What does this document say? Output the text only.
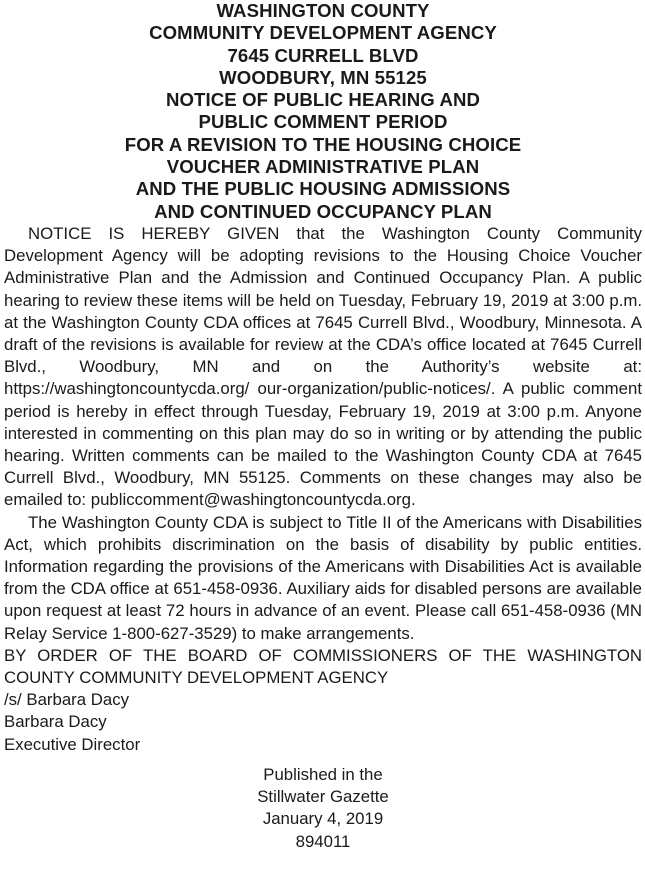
WASHINGTON COUNTY
COMMUNITY DEVELOPMENT AGENCY
7645 CURRELL BLVD
WOODBURY, MN 55125
NOTICE OF PUBLIC HEARING AND
PUBLIC COMMENT PERIOD
FOR A REVISION TO THE HOUSING CHOICE
VOUCHER ADMINISTRATIVE PLAN
AND THE PUBLIC HOUSING ADMISSIONS
AND CONTINUED OCCUPANCY PLAN

NOTICE IS HEREBY GIVEN that the Washington County Community Development Agency will be adopting revisions to the Housing Choice Voucher Administrative Plan and the Admission and Continued Occupancy Plan. A public hearing to review these items will be held on Tuesday, February 19, 2019 at 3:00 p.m. at the Washington County CDA offices at 7645 Currell Blvd., Woodbury, Minnesota. A draft of the revisions is available for review at the CDA’s office located at 7645 Currell Blvd., Woodbury, MN and on the Authority’s website at: https://washingtoncountycda.org/ our-organization/public-notices/. A public comment period is hereby in effect through Tuesday, February 19, 2019 at 3:00 p.m. Anyone interested in commenting on this plan may do so in writing or by attending the public hearing. Written comments can be mailed to the Washington County CDA at 7645 Currell Blvd., Woodbury, MN 55125. Comments on these changes may also be emailed to: publiccomment@washingtoncountycda.org.

The Washington County CDA is subject to Title II of the Americans with Disabilities Act, which prohibits discrimination on the basis of disability by public entities. Information regarding the provisions of the Americans with Disabilities Act is available from the CDA office at 651-458-0936. Auxiliary aids for disabled persons are available upon request at least 72 hours in advance of an event. Please call 651-458-0936 (MN Relay Service 1-800-627-3529) to make arrangements.

BY ORDER OF THE BOARD OF COMMISSIONERS OF THE WASHINGTON COUNTY COMMUNITY DEVELOPMENT AGENCY

/s/ Barbara Dacy

Barbara Dacy

Executive Director

Published in the
Stillwater Gazette
January 4, 2019
894011
